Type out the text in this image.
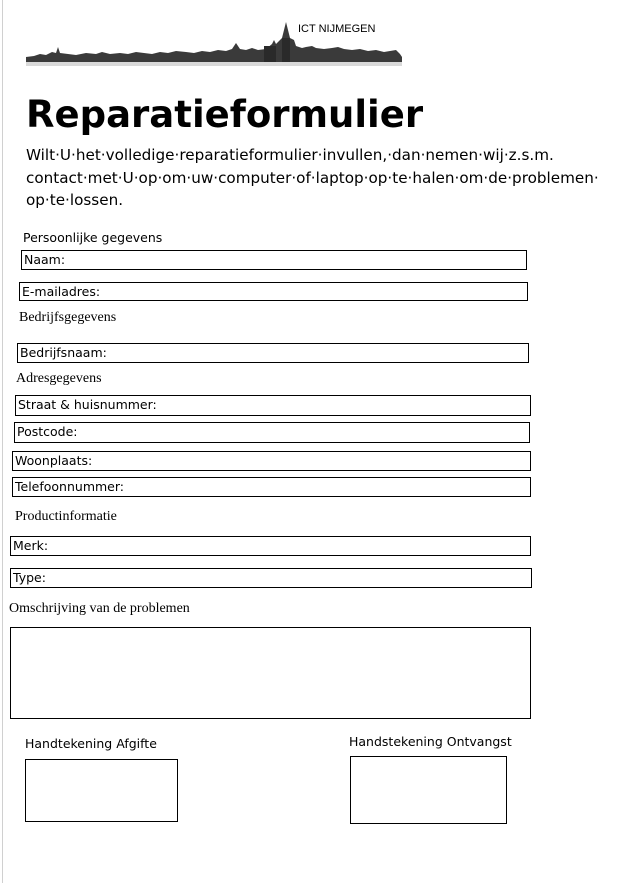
ICT NIJMEGEN
Reparatieformulier

Wilt·U·het·volledige·reparatieformulier·invullen,·dan·nemen·wij·z.s.m.
contact·met·U·op·om·uw·computer·of·laptop·op·te·halen·om·de·problemen·
op·te·lossen.

Persoonlijke gegevens
Naam:
E-mailadres:
Bedrijfsgegevens
Bedrijfsnaam:
Adresgegevens
Straat & huisnummer:
Postcode:
Woonplaats:
Telefoonnummer:
Productinformatie
Merk:
Type:
Omschrijving van de problemen
Handtekening Afgifte	Handstekening Ontvangst
